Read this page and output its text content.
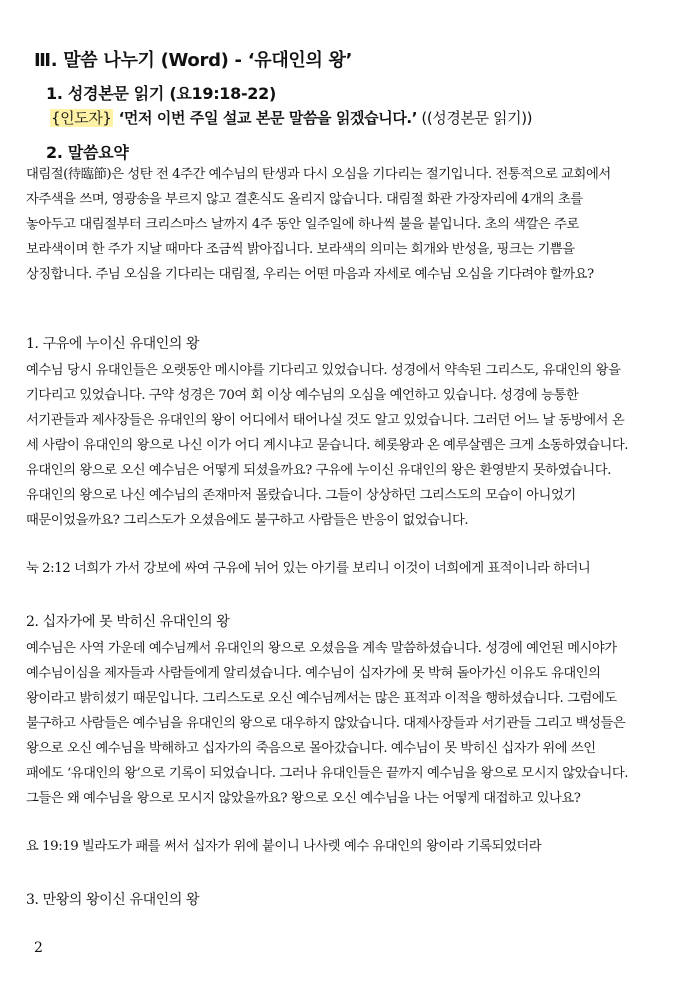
Ⅲ. 말씀 나누기 (Word) - ‘유대인의 왕’
1. 성경본문 읽기 (요19:18-22)
{인도자} ‘먼저 이번 주일 설교 본문 말씀을 읽겠습니다.’ ((성경본문 읽기))
2. 말씀요약

대림절(待臨節)은 성탄 전 4주간 예수님의 탄생과 다시 오심을 기다리는 절기입니다. 전통적으로 교회에서
자주색을 쓰며, 영광송을 부르지 않고 결혼식도 올리지 않습니다. 대림절 화관 가장자리에 4개의 초를
놓아두고 대림절부터 크리스마스 날까지 4주 동안 일주일에 하나씩 불을 붙입니다. 초의 색깔은 주로
보라색이며 한 주가 지날 때마다 조금씩 밝아집니다. 보라색의 의미는 회개와 반성을, 핑크는 기쁨을
상징합니다. 주님 오심을 기다리는 대림절, 우리는 어떤 마음과 자세로 예수님 오심을 기다려야 할까요?

1. 구유에 누이신 유대인의 왕

예수님 당시 유대인들은 오랫동안 메시야를 기다리고 있었습니다. 성경에서 약속된 그리스도, 유대인의 왕을
기다리고 있었습니다. 구약 성경은 70여 회 이상 예수님의 오심을 예언하고 있습니다. 성경에 능통한
서기관들과 제사장들은 유대인의 왕이 어디에서 태어나실 것도 알고 있었습니다. 그러던 어느 날 동방에서 온
세 사람이 유대인의 왕으로 나신 이가 어디 계시냐고 묻습니다. 헤롯왕과 온 예루살렘은 크게 소동하였습니다.
유대인의 왕으로 오신 예수님은 어떻게 되셨을까요? 구유에 누이신 유대인의 왕은 환영받지 못하였습니다.
유대인의 왕으로 나신 예수님의 존재마저 몰랐습니다. 그들이 상상하던 그리스도의 모습이 아니었기
때문이었을까요? 그리스도가 오셨음에도 불구하고 사람들은 반응이 없었습니다.

눅 2:12 너희가 가서 강보에 싸여 구유에 뉘어 있는 아기를 보리니 이것이 너희에게 표적이니라 하더니
2. 십자가에 못 박히신 유대인의 왕

예수님은 사역 가운데 예수님께서 유대인의 왕으로 오셨음을 계속 말씀하셨습니다. 성경에 예언된 메시야가
예수님이심을 제자들과 사람들에게 알리셨습니다. 예수님이 십자가에 못 박혀 돌아가신 이유도 유대인의
왕이라고 밝히셨기 때문입니다. 그리스도로 오신 예수님께서는 많은 표적과 이적을 행하셨습니다. 그럼에도
불구하고 사람들은 예수님을 유대인의 왕으로 대우하지 않았습니다. 대제사장들과 서기관들 그리고 백성들은
왕으로 오신 예수님을 박해하고 십자가의 죽음으로 몰아갔습니다. 예수님이 못 박히신 십자가 위에 쓰인
패에도 ‘유대인의 왕’으로 기록이 되었습니다. 그러나 유대인들은 끝까지 예수님을 왕으로 모시지 않았습니다.
그들은 왜 예수님을 왕으로 모시지 않았을까요? 왕으로 오신 예수님을 나는 어떻게 대접하고 있나요?

요 19:19 빌라도가 패를 써서 십자가 위에 붙이니 나사렛 예수 유대인의 왕이라 기록되었더라
3. 만왕의 왕이신 유대인의 왕
2
